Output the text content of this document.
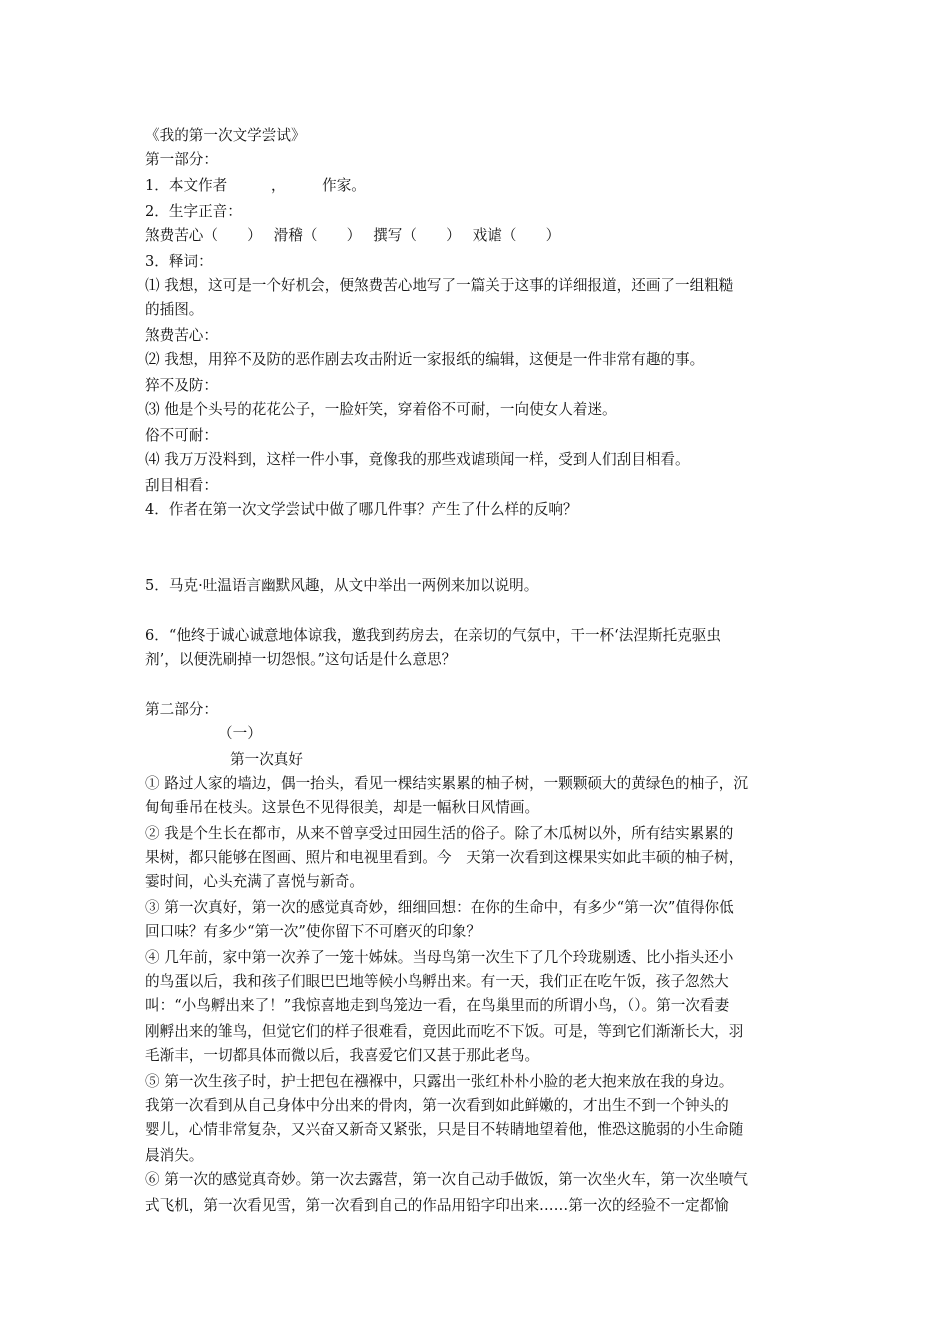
《我的第一次文学尝试》
第一部分：
1．本文作者　　　，　　　作家。
2．生字正音：
煞费苦心（　　）　 滑稽（　　）　 撰写（　　）　 戏谑（　　）
3．释词：
⑴ 我想，这可是一个好机会，便煞费苦心地写了一篇关于这事的详细报道，还画了一组粗糙
的插图。
煞费苦心：
⑵ 我想，用猝不及防的恶作剧去攻击附近一家报纸的编辑，这便是一件非常有趣的事。
猝不及防：
⑶ 他是个头号的花花公子，一脸奸笑，穿着俗不可耐，一向使女人着迷。
俗不可耐：
⑷ 我万万没料到，这样一件小事，竟像我的那些戏谑琐闻一样，受到人们刮目相看。
刮目相看：
4．作者在第一次文学尝试中做了哪几件事？产生了什么样的反响？
5．马克·吐温语言幽默风趣，从文中举出一两例来加以说明。
6．“他终于诚心诚意地体谅我，邀我到药房去，在亲切的气氛中，干一杯‘法涅斯托克驱虫
剂’，以便洗刷掉一切怨恨。”这句话是什么意思？
第二部分：
（一）
第一次真好
① 路过人家的墙边，偶一抬头，看见一棵结实累累的柚子树，一颗颗硕大的黄绿色的柚子，沉
甸甸垂吊在枝头。这景色不见得很美，却是一幅秋日风情画。
② 我是个生长在都市，从来不曾享受过田园生活的俗子。除了木瓜树以外，所有结实累累的
果树，都只能够在图画、照片和电视里看到。今　天第一次看到这棵果实如此丰硕的柚子树，
霎时间，心头充满了喜悦与新奇。
③ 第一次真好，第一次的感觉真奇妙，细细回想：在你的生命中，有多少“第一次”值得你低
回口味？有多少“第一次”使你留下不可磨灭的印象？
④ 几年前，家中第一次养了一笼十姊妹。当母鸟第一次生下了几个玲珑剔透、比小指头还小
的鸟蛋以后，我和孩子们眼巴巴地等候小鸟孵出来。有一天，我们正在吃午饭，孩子忽然大
叫：“小鸟孵出来了！”我惊喜地走到鸟笼边一看，在鸟巢里而的所谓小鸟，（）。第一次看妻
刚孵出来的雏鸟，但觉它们的样子很难看，竟因此而吃不下饭。可是，等到它们渐渐长大，羽
毛渐丰，一切都具体而微以后，我喜爱它们又甚于那此老鸟。
⑤ 第一次生孩子时，护士把包在襁褓中，只露出一张红朴朴小脸的老大抱来放在我的身边。
我第一次看到从自己身体中分出来的骨肉，第一次看到如此鲜嫩的，才出生不到一个钟头的
婴儿，心情非常复杂，又兴奋又新奇又紧张，只是目不转睛地望着他，惟恐这脆弱的小生命随
晨消失。
⑥ 第一次的感觉真奇妙。第一次去露营，第一次自己动手做饭，第一次坐火车，第一次坐喷气
式飞机，第一次看见雪，第一次看到自己的作品用铅字印出来……第一次的经验不一定都愉
